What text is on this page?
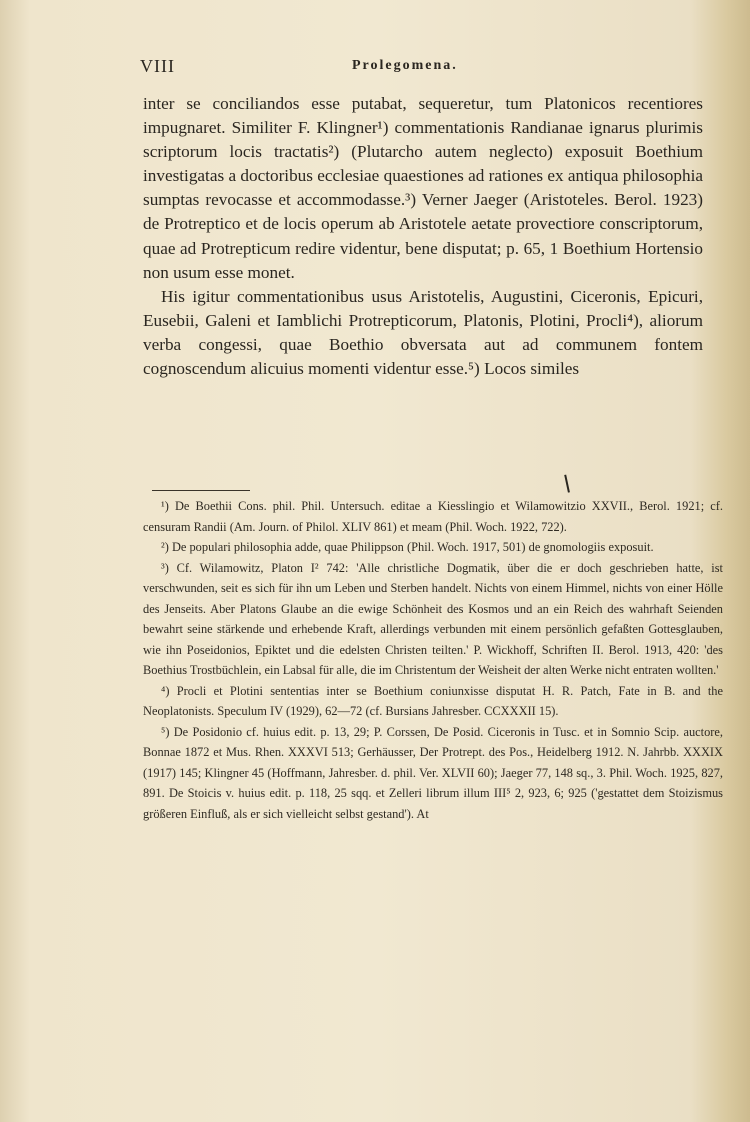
VIII	Prolegomena.

inter se conciliandos esse putabat, sequeretur, tum Platonicos recentiores impugnaret. Similiter F. Klingner¹) commentationis Randianae ignarus plurimis scriptorum locis tractatis²) (Plutarcho autem neglecto) exposuit Boethium investigatas a doctoribus ecclesiae quaestiones ad rationes ex antiqua philosophia sumptas revocasse et accommodasse.³) Verner Jaeger (Aristoteles. Berol. 1923) de Protreptico et de locis operum ab Aristotele aetate provectiore conscriptorum, quae ad Protrepticum redire videntur, bene disputat; p. 65, 1 Boethium Hortensio non usum esse monet.

His igitur commentationibus usus Aristotelis, Augustini, Ciceronis, Epicuri, Eusebii, Galeni et Iamblichi Protrepticorum, Platonis, Plotini, Procli⁴), aliorum verba congessi, quae Boethio obversata aut ad communem fontem cognoscendum alicuius momenti videntur esse.⁵) Locos similes

¹) De Boethii Cons. phil. Phil. Untersuch. editae a Kiesslingio et Wilamowitzio XXVII., Berol. 1921; cf. censuram Randii (Am. Journ. of Philol. XLIV 861) et meam (Phil. Woch. 1922, 722).

²) De populari philosophia adde, quae Philippson (Phil. Woch. 1917, 501) de gnomologiis exposuit.

³) Cf. Wilamowitz, Platon I² 742: 'Alle christliche Dogmatik, über die er doch geschrieben hatte, ist verschwunden, seit es sich für ihn um Leben und Sterben handelt. Nichts von einem Himmel, nichts von einer Hölle des Jenseits. Aber Platons Glaube an die ewige Schönheit des Kosmos und an ein Reich des wahrhaft Seienden bewahrt seine stärkende und erhebende Kraft, allerdings verbunden mit einem persönlich gefaßten Gottesglauben, wie ihn Poseidonios, Epiktet und die edelsten Christen teilten.' P. Wickhoff, Schriften II. Berol. 1913, 420: 'des Boethius Trostbüchlein, ein Labsal für alle, die im Christentum der Weisheit der alten Werke nicht entraten wollten.'

⁴) Procli et Plotini sententias inter se Boethium coniunxisse disputat H. R. Patch, Fate in B. and the Neoplatonists. Speculum IV (1929), 62—72 (cf. Bursians Jahresber. CCXXXII 15).

⁵) De Posidonio cf. huius edit. p. 13, 29; P. Corssen, De Posid. Ciceronis in Tusc. et in Somnio Scip. auctore, Bonnae 1872 et Mus. Rhen. XXXVI 513; Gerhäusser, Der Protrept. des Pos., Heidelberg 1912. N. Jahrbb. XXXIX (1917) 145; Klingner 45 (Hoffmann, Jahresber. d. phil. Ver. XLVII 60); Jaeger 77, 148 sq., 3. Phil. Woch. 1925, 827, 891. De Stoicis v. huius edit. p. 118, 25 sqq. et Zelleri librum illum III⁵ 2, 923, 6; 925 ('gestattet dem Stoizismus größeren Einfluß, als er sich vielleicht selbst gestand'). At
